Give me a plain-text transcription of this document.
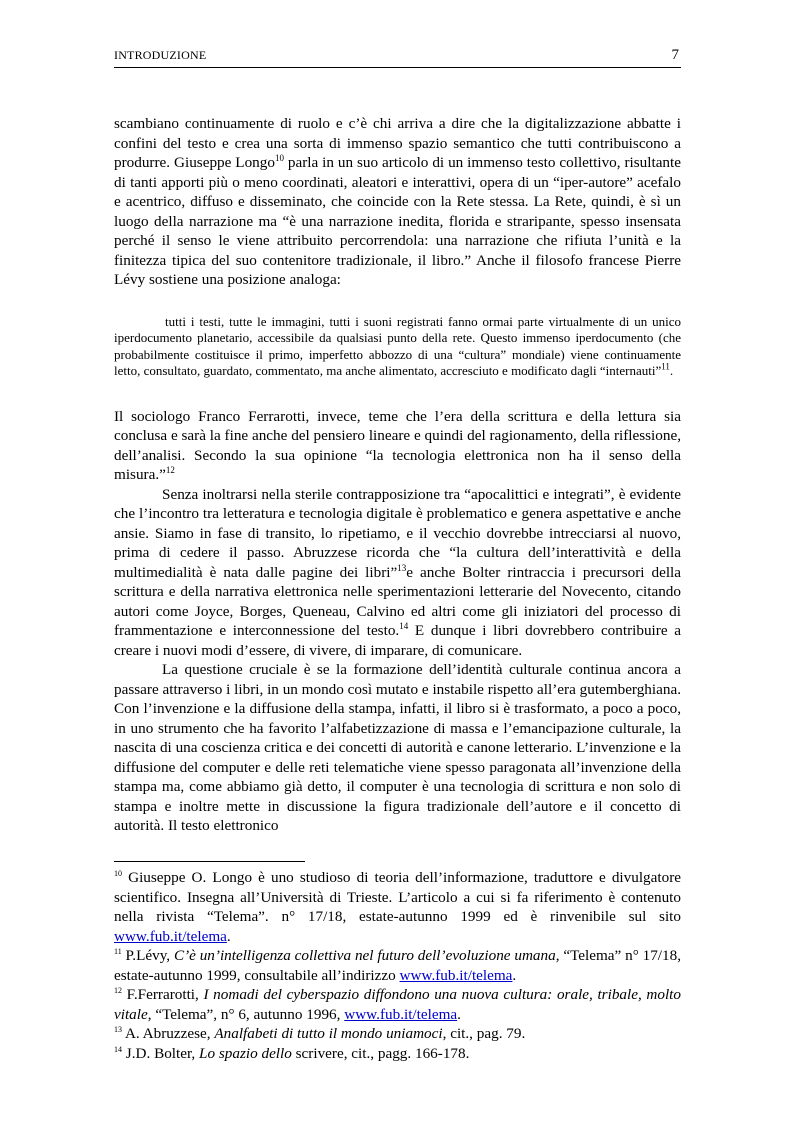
INTRODUZIONE	7

scambiano continuamente di ruolo e c’è chi arriva a dire che la digitalizzazione abbatte i confini del testo e crea una sorta di immenso spazio semantico che tutti contribuiscono a produrre. Giuseppe Longo$^{10}$ parla in un suo articolo di un immenso testo collettivo, risultante di tanti apporti più o meno coordinati, aleatori e interattivi, opera di un “iper-autore” acefalo e acentrico, diffuso e disseminato, che coincide con la Rete stessa. La Rete, quindi, è sì un luogo della narrazione ma “è una narrazione inedita, florida e straripante, spesso insensata perché il senso le viene attribuito percorrendola: una narrazione che rifiuta l’unità e la finitezza tipica del suo contenitore tradizionale, il libro.” Anche il filosofo francese Pierre Lévy sostiene una posizione analoga:

tutti i testi, tutte le immagini, tutti i suoni registrati fanno ormai parte virtualmente di un unico iperdocumento planetario, accessibile da qualsiasi punto della rete. Questo immenso iperdocumento (che probabilmente costituisce il primo, imperfetto abbozzo di una “cultura” mondiale) viene continuamente letto, consultato, guardato, commentato, ma anche alimentato, accresciuto e modificato dagli “internauti”$^{11}$.

Il sociologo Franco Ferrarotti, invece, teme che l’era della scrittura e della lettura sia conclusa e sarà la fine anche del pensiero lineare e quindi del ragionamento, della riflessione, dell’analisi. Secondo la sua opinione “la tecnologia elettronica non ha il senso della misura.”$^{12}$

Senza inoltrarsi nella sterile contrapposizione tra “apocalittici e integrati”, è evidente che l’incontro tra letteratura e tecnologia digitale è problematico e genera aspettative e anche ansie. Siamo in fase di transito, lo ripetiamo, e il vecchio dovrebbe intrecciarsi al nuovo, prima di cedere il passo. Abruzzese ricorda che “la cultura dell’interattività e della multimedialità è nata dalle pagine dei libri”$^{13}$e anche Bolter rintraccia i precursori della scrittura e della narrativa elettronica nelle sperimentazioni letterarie del Novecento, citando autori come Joyce, Borges, Queneau, Calvino ed altri come gli iniziatori del processo di frammentazione e interconnessione del testo.$^{14}$ E dunque i libri dovrebbero contribuire a creare i nuovi modi d’essere, di vivere, di imparare, di comunicare.

La questione cruciale è se la formazione dell’identità culturale continua ancora a passare attraverso i libri, in un mondo così mutato e instabile rispetto all’era gutemberghiana. Con l’invenzione e la diffusione della stampa, infatti, il libro si è trasformato, a poco a poco, in uno strumento che ha favorito l’alfabetizzazione di massa e l’emancipazione culturale, la nascita di una coscienza critica e dei concetti di autorità e canone letterario. L’invenzione e la diffusione del computer e delle reti telematiche viene spesso paragonata all’invenzione della stampa ma, come abbiamo già detto, il computer è una tecnologia di scrittura e non solo di stampa e inoltre mette in discussione la figura tradizionale dell’autore e il concetto di autorità. Il testo elettronico

$^{10}$ Giuseppe O. Longo è uno studioso di teoria dell’informazione, traduttore e divulgatore scientifico. Insegna all’Università di Trieste. L’articolo a cui si fa riferimento è contenuto nella rivista “Telema”. n° 17/18, estate-autunno 1999 ed è rinvenibile sul sito www.fub.it/telema.

$^{11}$ P.Lévy, C’è un’intelligenza collettiva nel futuro dell’evoluzione umana, “Telema” n° 17/18, estate-autunno 1999, consultabile all’indirizzo www.fub.it/telema.

$^{12}$ F.Ferrarotti, I nomadi del cyberspazio diffondono una nuova cultura: orale, tribale, molto vitale, “Telema”, n° 6, autunno 1996, www.fub.it/telema.

$^{13}$ A. Abruzzese, Analfabeti di tutto il mondo uniamoci, cit., pag. 79.

$^{14}$ J.D. Bolter, Lo spazio dello scrivere, cit., pagg. 166-178.
